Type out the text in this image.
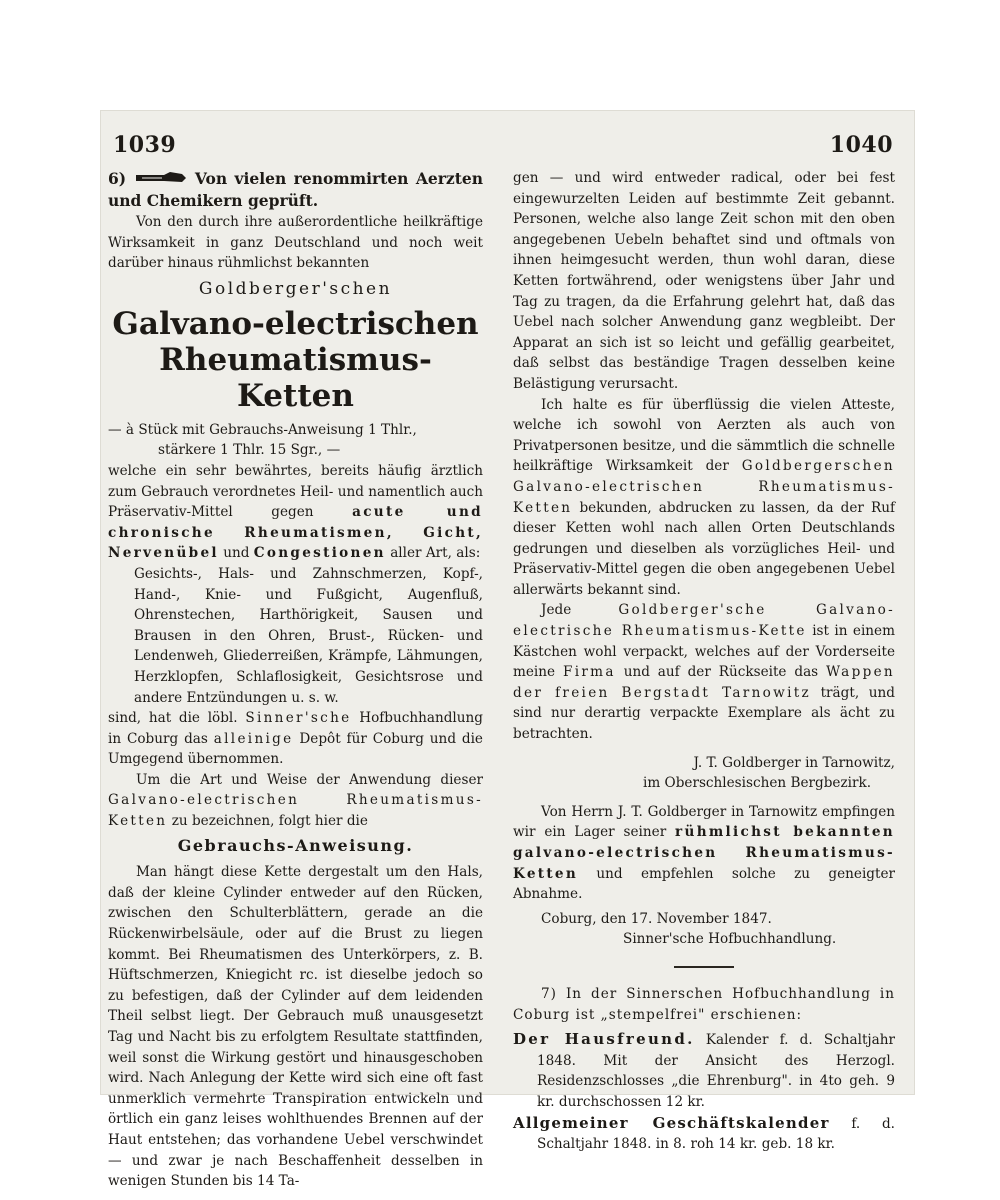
1039	1040

6)	Von vielen renommirten Aerzten und Chemikern geprüft.

Von den durch ihre außerordentliche heilkräftige Wirksamkeit in ganz Deutschland und noch weit darüber hinaus rühmlichst bekannten

Goldberger'schen
Galvano-electrischen Rheumatismus-Ketten

— à Stück mit Gebrauchs-Anweisung 1 Thlr.,

stärkere 1 Thlr. 15 Sgr., —

welche ein sehr bewährtes, bereits häufig ärztlich zum Gebrauch verordnetes Heil- und namentlich auch Präservativ-Mittel gegen	acute und chronische Rheumatismen, Gicht, Nervenübel und Congestionen aller Art, als:

Gesichts-, Hals- und Zahnschmerzen, Kopf-, Hand-, Knie- und Fußgicht, Augenfluß, Ohrenstechen, Harthörigkeit, Sausen und Brausen in den Ohren, Brust-, Rücken- und Lendenweh, Gliederreißen, Krämpfe, Lähmungen, Herzklopfen, Schlaflosigkeit, Gesichtsrose und andere Entzündungen u. s. w.

sind, hat die löbl. Sinner'sche Hofbuchhandlung in Coburg das alleinige Depôt für Coburg und die Umgegend übernommen.

Um die Art und Weise der Anwendung dieser Galvano-electrischen Rheumatismus-Ketten zu bezeichnen, folgt hier die

Gebrauchs-Anweisung.

Man hängt diese Kette dergestalt um den Hals, daß der kleine Cylinder entweder auf den Rücken, zwischen den Schulterblättern, gerade an die Rückenwirbelsäule, oder auf die Brust zu liegen kommt. Bei Rheumatismen des Unterkörpers, z. B. Hüftschmerzen, Kniegicht rc. ist dieselbe jedoch so zu befestigen, daß der Cylinder auf dem leidenden Theil selbst liegt. Der Gebrauch muß unausgesetzt Tag und Nacht bis zu erfolgtem Resultate stattfinden, weil sonst die Wirkung gestört und hinausgeschoben wird. Nach Anlegung der Kette wird sich eine oft fast unmerklich vermehrte Transpiration entwickeln und örtlich ein ganz leises wohlthuendes Brennen auf der Haut entstehen; das vorhandene Uebel verschwindet — und zwar je nach Beschaffenheit desselben in wenigen Stunden bis 14 Ta-

gen — und wird entweder radical, oder bei fest eingewurzelten Leiden auf bestimmte Zeit gebannt. Personen, welche also lange Zeit schon mit den oben angegebenen Uebeln behaftet sind und oftmals von ihnen heimgesucht werden, thun wohl daran, diese Ketten fortwährend, oder wenigstens über Jahr und Tag zu tragen, da die Erfahrung gelehrt hat, daß das Uebel nach solcher Anwendung ganz wegbleibt. Der Apparat an sich ist so leicht und gefällig gearbeitet, daß selbst das beständige Tragen desselben keine Belästigung verursacht.

Ich halte es für überflüssig die vielen Atteste, welche ich sowohl von Aerzten als auch von Privatpersonen besitze, und die sämmtlich die schnelle heilkräftige Wirksamkeit der Goldbergerschen Galvano-electrischen Rheumatismus-Ketten bekunden, abdrucken zu lassen, da der Ruf dieser Ketten wohl nach allen Orten Deutschlands gedrungen und dieselben als vorzügliches Heil- und Präservativ-Mittel gegen die oben angegebenen Uebel allerwärts bekannt sind.

Jede	Goldberger'sche Galvano-electrische Rheumatismus-Kette ist in einem Kästchen wohl verpackt, welches auf der Vorderseite meine Firma und auf der Rückseite das Wappen der freien Bergstadt Tarnowitz trägt, und sind nur derartig verpackte Exemplare als ächt zu betrachten.

J. T. Goldberger in Tarnowitz,

im Oberschlesischen Bergbezirk.

Von Herrn J. T. Goldberger in Tarnowitz empfingen wir ein Lager seiner rühmlichst bekannten galvano-electrischen Rheumatismus-Ketten und empfehlen solche zu geneigter Abnahme.

Coburg, den 17. November 1847.

Sinner'sche Hofbuchhandlung.

7) In der Sinnerschen Hofbuchhandlung in Coburg ist „stempelfrei" erschienen:

Der Hausfreund. Kalender f. d. Schaltjahr 1848. Mit der Ansicht des Herzogl. Residenzschlosses „die Ehrenburg". in 4to geh. 9 kr. durchschossen 12 kr.

Allgemeiner Geschäftskalender f. d. Schaltjahr 1848. in 8. roh 14 kr. geb. 18 kr.
